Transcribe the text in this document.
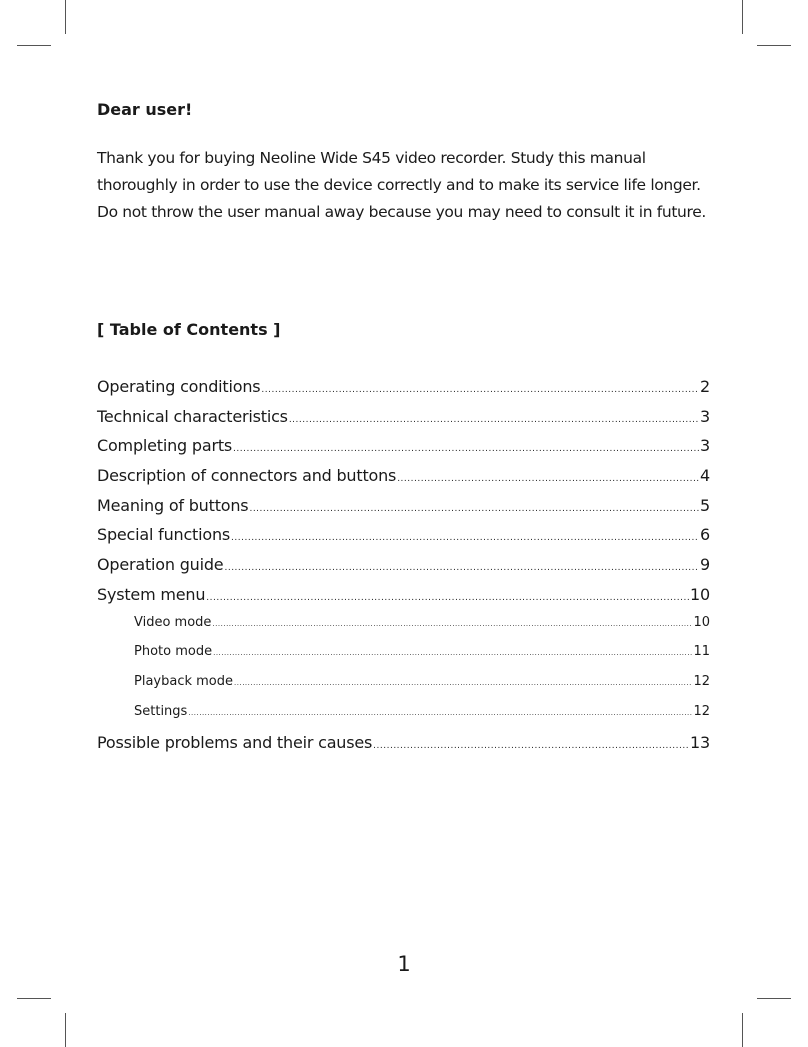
Dear user!

Thank you for buying Neoline Wide S45 video recorder. Study this manual
thoroughly in order to use the device correctly and to make its service life longer.
Do not throw the user manual away because you may need to consult it in future.

[ Table of Contents ]

Operating conditions .....	2
Technical characteristics .....	3
Completing parts .....	3
Description of connectors and buttons .....	4
Meaning of buttons .....	5
Special functions .....	6
Operation guide .....	9
System menu .....	10
Video mode .....	10
Photo mode .....	11
Playback mode .....	12
Settings .....	12
Possible problems and their causes .....	13

1
